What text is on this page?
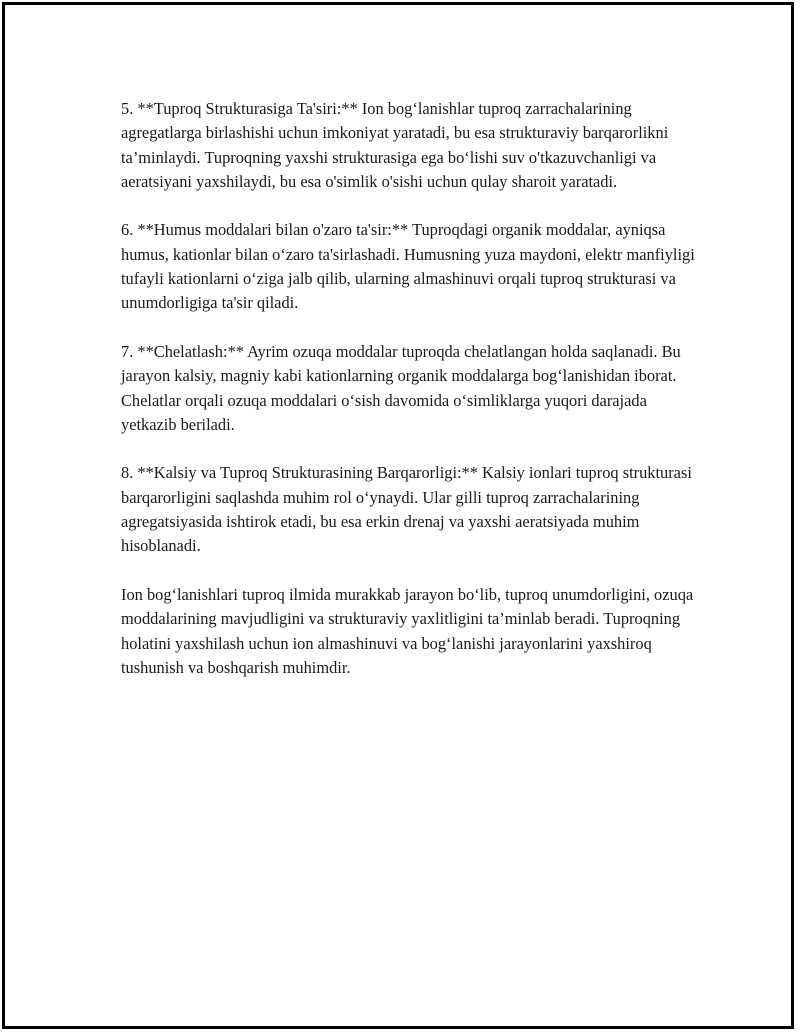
5. **Tuproq Strukturasiga Ta'siri:** Ion bog‘lanishlar tuproq zarrachalarining agregatlarga birlashishi uchun imkoniyat yaratadi, bu esa strukturaviy barqarorlikni ta’minlaydi. Tuproqning yaxshi strukturasiga ega bo‘lishi suv o'tkazuvchanligi va aeratsiyani yaxshilaydi, bu esa o'simlik o'sishi uchun qulay sharoit yaratadi.

6. **Humus moddalari bilan o'zaro ta'sir:** Tuproqdagi organik moddalar, ayniqsa humus, kationlar bilan o‘zaro ta'sirlashadi. Humusning yuza maydoni, elektr manfiyligi tufayli kationlarni o‘ziga jalb qilib, ularning almashinuvi orqali tuproq strukturasi va unumdorligiga ta'sir qiladi.

7. **Chelatlash:** Ayrim ozuqa moddalar tuproqda chelatlangan holda saqlanadi. Bu jarayon kalsiy, magniy kabi kationlarning organik moddalarga bog‘lanishidan iborat. Chelatlar orqali ozuqa moddalari o‘sish davomida o‘simliklarga yuqori darajada yetkazib beriladi.

8. **Kalsiy va Tuproq Strukturasining Barqarorligi:** Kalsiy ionlari tuproq strukturasi barqarorligini saqlashda muhim rol o‘ynaydi. Ular gilli tuproq zarrachalarining agregatsiyasida ishtirok etadi, bu esa erkin drenaj va yaxshi aeratsiyada muhim hisoblanadi.

Ion bog‘lanishlari tuproq ilmida murakkab jarayon bo‘lib, tuproq unumdorligini, ozuqa moddalarining mavjudligini va strukturaviy yaxlitligini ta’minlab beradi. Tuproqning holatini yaxshilash uchun ion almashinuvi va bog‘lanishi jarayonlarini yaxshiroq tushunish va boshqarish muhimdir.
